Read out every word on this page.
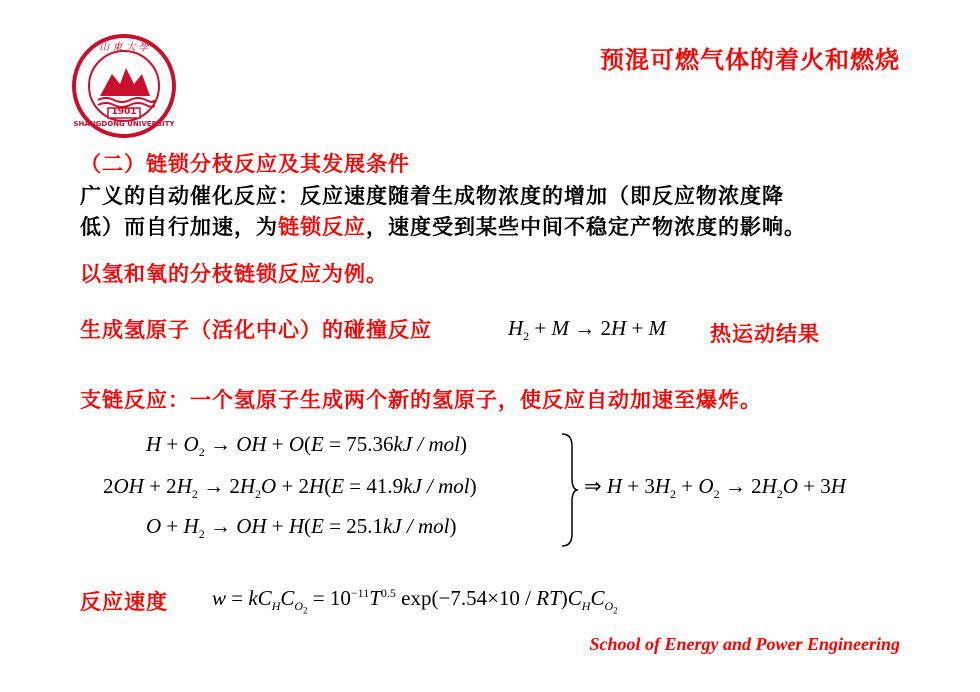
1901
山 東 大 學
SHANGDONG UNIVERSITY
预混可燃气体的着火和燃烧
（二）链锁分枝反应及其发展条件
广义的自动催化反应：反应速度随着生成物浓度的增加（即反应物浓度降
低）而自行加速，为链锁反应，速度受到某些中间不稳定产物浓度的影响。
以氢和氧的分枝链锁反应为例。
生成氢原子（活化中心）的碰撞反应	$H_2 + M \to 2H + M$ 热运动结果
支链反应：一个氢原子生成两个新的氢原子，使反应自动加速至爆炸。
$H + O_2$ → OH + O(E = 75.36kJ / mol)
$2OH + 2H_2 \to 2H_2O + 2H(E = 41.9kJ / mol)$
$O + H_2$ → OH + H(E = 25.1kJ / mol)
⇒ $H + 3H_2 + O_2 \to 2H_2O + 3H$
反应速度 $w = kC_HC_{O_2} = 10^{-11}T^{0.5}$ $\exp(-7.54\times 10 / RT)C_HC_{O_2}$
School of Energy and Power Engineering
